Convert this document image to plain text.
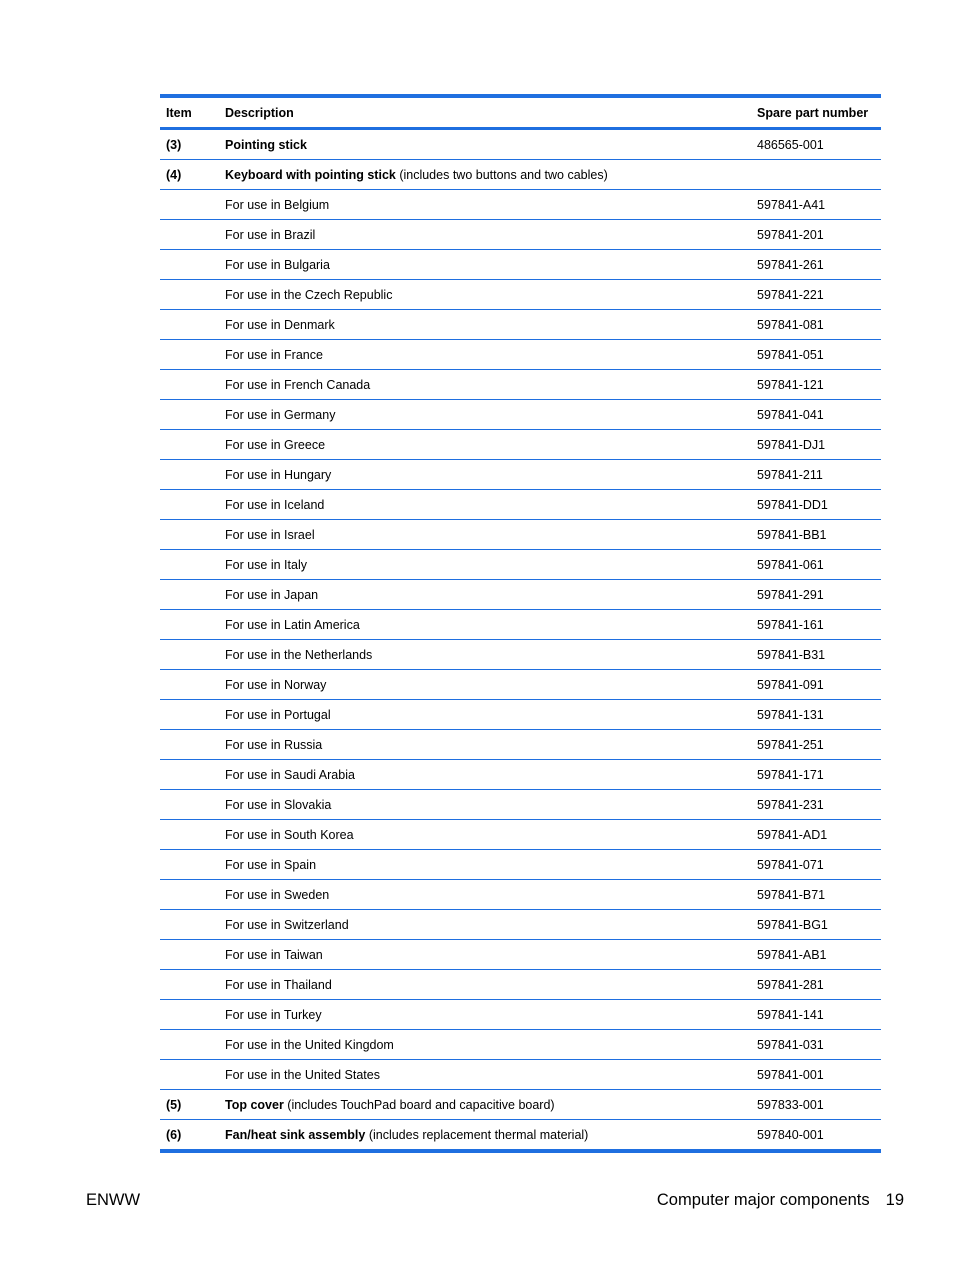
Item	Description	Spare part number
(3)	Pointing stick	486565-001
(4)	Keyboard with pointing stick (includes two buttons and two cables)	
	For use in Belgium	597841-A41
	For use in Brazil	597841-201
	For use in Bulgaria	597841-261
	For use in the Czech Republic	597841-221
	For use in Denmark	597841-081
	For use in France	597841-051
	For use in French Canada	597841-121
	For use in Germany	597841-041
	For use in Greece	597841-DJ1
	For use in Hungary	597841-211
	For use in Iceland	597841-DD1
	For use in Israel	597841-BB1
	For use in Italy	597841-061
	For use in Japan	597841-291
	For use in Latin America	597841-161
	For use in the Netherlands	597841-B31
	For use in Norway	597841-091
	For use in Portugal	597841-131
	For use in Russia	597841-251
	For use in Saudi Arabia	597841-171
	For use in Slovakia	597841-231
	For use in South Korea	597841-AD1
	For use in Spain	597841-071
	For use in Sweden	597841-B71
	For use in Switzerland	597841-BG1
	For use in Taiwan	597841-AB1
	For use in Thailand	597841-281
	For use in Turkey	597841-141
	For use in the United Kingdom	597841-031
	For use in the United States	597841-001
(5)	Top cover (includes TouchPad board and capacitive board)	597833-001
(6)	Fan/heat sink assembly (includes replacement thermal material)	597840-001
ENWW	Computer major components 19
